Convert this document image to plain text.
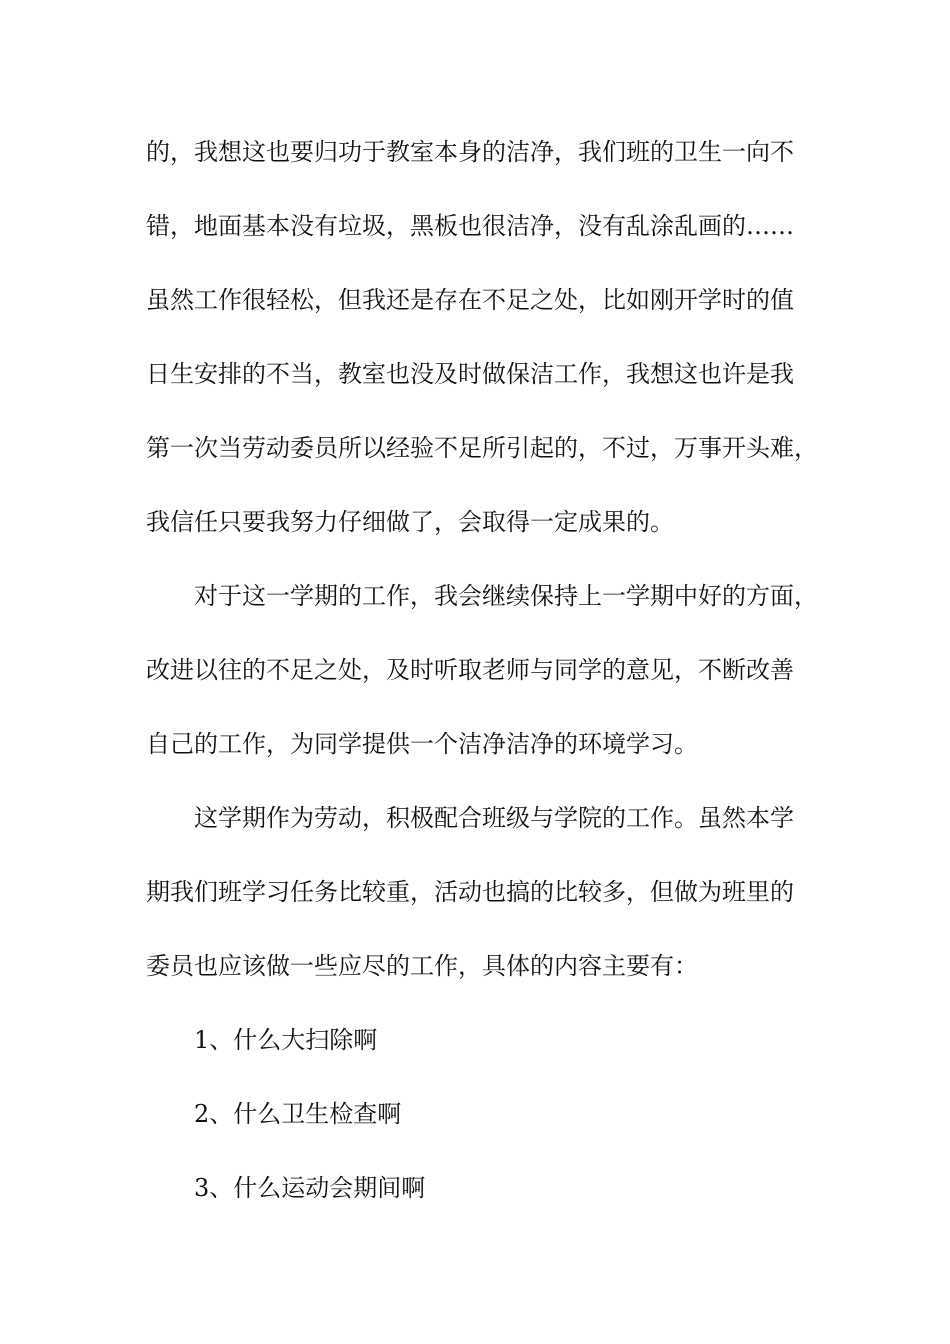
的，我想这也要归功于教室本身的洁净，我们班的卫生一向不

错，地面基本没有垃圾，黑板也很洁净，没有乱涂乱画的……

虽然工作很轻松，但我还是存在不足之处，比如刚开学时的值

日生安排的不当，教室也没及时做保洁工作，我想这也许是我

第一次当劳动委员所以经验不足所引起的，不过，万事开头难，

我信任只要我努力仔细做了，会取得一定成果的。

对于这一学期的工作，我会继续保持上一学期中好的方面，

改进以往的不足之处，及时听取老师与同学的意见，不断改善

自己的工作，为同学提供一个洁净洁净的环境学习。

这学期作为劳动，积极配合班级与学院的工作。虽然本学

期我们班学习任务比较重，活动也搞的比较多，但做为班里的

委员也应该做一些应尽的工作，具体的内容主要有：

1、什么大扫除啊

2、什么卫生检查啊

3、什么运动会期间啊
